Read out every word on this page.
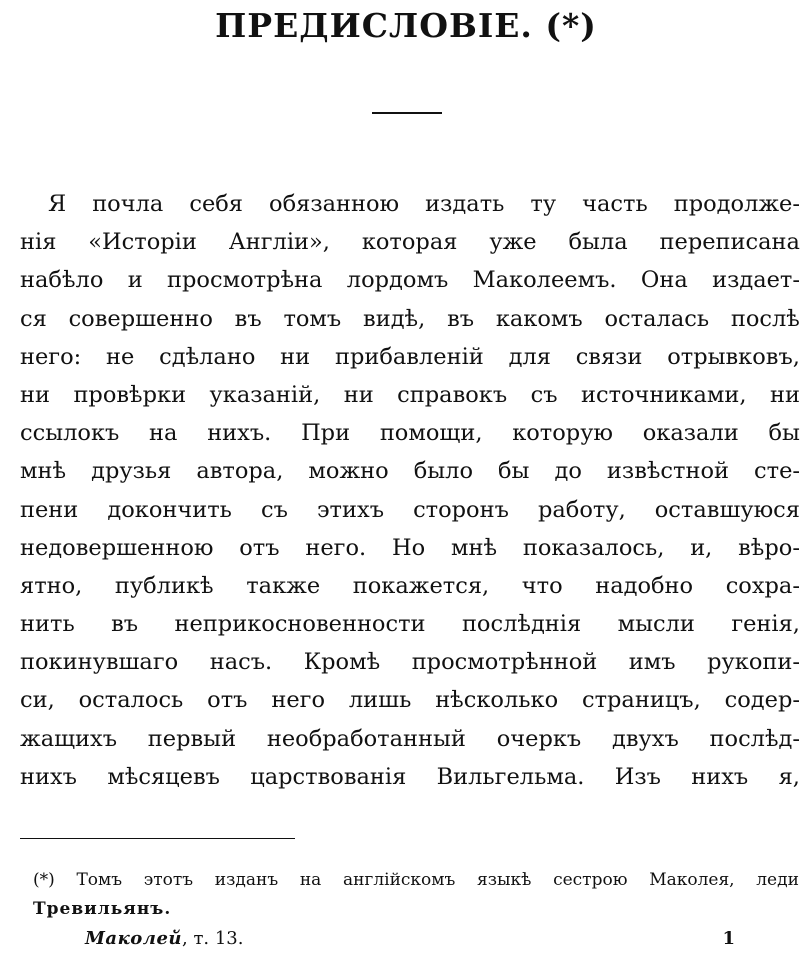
ПРЕДИСЛОВІЕ. (*)
Я почла себя обязанною издать ту часть продолже-
нія «Исторіи Англіи», которая уже была переписана
набѣло и просмотрѣна лордомъ Маколеемъ. Она издает-
ся совершенно въ томъ видѣ, въ какомъ осталась послѣ
него: не сдѣлано ни прибавленій для связи отрывковъ,
ни провѣрки указаній, ни справокъ съ источниками, ни
ссылокъ на нихъ. При помощи, которую оказали бы
мнѣ друзья автора, можно было бы до извѣстной сте-
пени докончить съ этихъ сторонъ работу, оставшуюся
недовершенною отъ него. Но мнѣ показалось, и, вѣро-
ятно, публикѣ также покажется, что надобно сохра-
нить въ неприкосновенности послѣднія мысли генія,
покинувшаго насъ. Кромѣ просмотрѣнной имъ рукопи-
си, осталось отъ него лишь нѣсколько страницъ, содер-
жащихъ первый необработанный очеркъ двухъ послѣд-
нихъ мѣсяцевъ царствованія Вильгельма. Изъ нихъ я,
(*) Томъ этотъ изданъ на англійскомъ языкѣ сестрою Маколея, леди
Тревильянъ.
Маколей, т. 13.	1
